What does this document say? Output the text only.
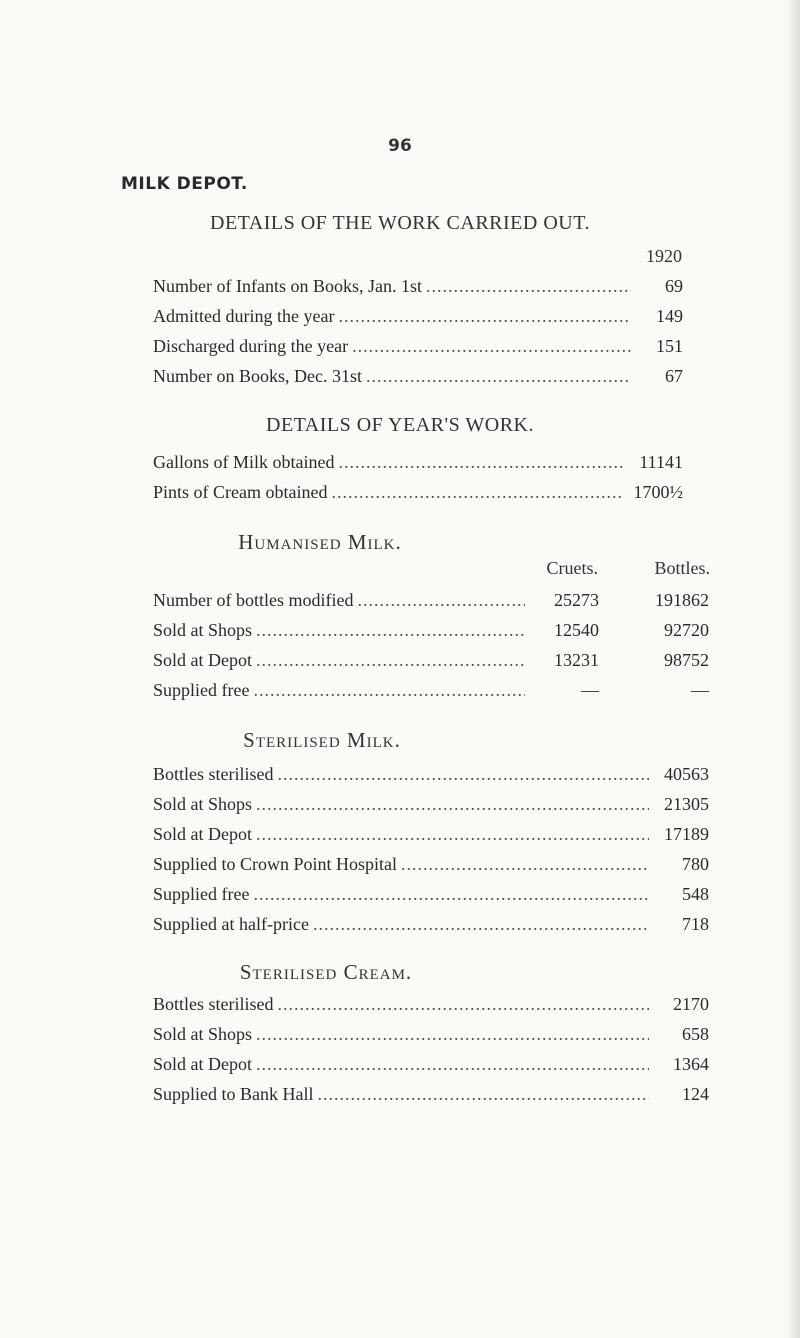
96
MILK DEPOT.
DETAILS OF THE WORK CARRIED OUT.
1920
Number of Infants on Books, Jan. 1st .....	69
Admitted during the year .....	149
Discharged during the year .....	151
Number on Books, Dec. 31st .....	67
DETAILS OF YEAR'S WORK.
Gallons of Milk obtained .....	11141
Pints of Cream obtained .....	1700½
Humanised Milk.
Cruets.	Bottles.
Number of bottles modified .....	25273	191862
Sold at Shops .....	12540	92720
Sold at Depot .....	13231	98752
Supplied free .....	—	—
Sterilised Milk.
Bottles sterilised .....	40563
Sold at Shops .....	21305
Sold at Depot .....	17189
Supplied to Crown Point Hospital .....	780
Supplied free .....	548
Supplied at half-price .....	718
Sterilised Cream.
Bottles sterilised .....	2170
Sold at Shops .....	658
Sold at Depot .....	1364
Supplied to Bank Hall .....	124
